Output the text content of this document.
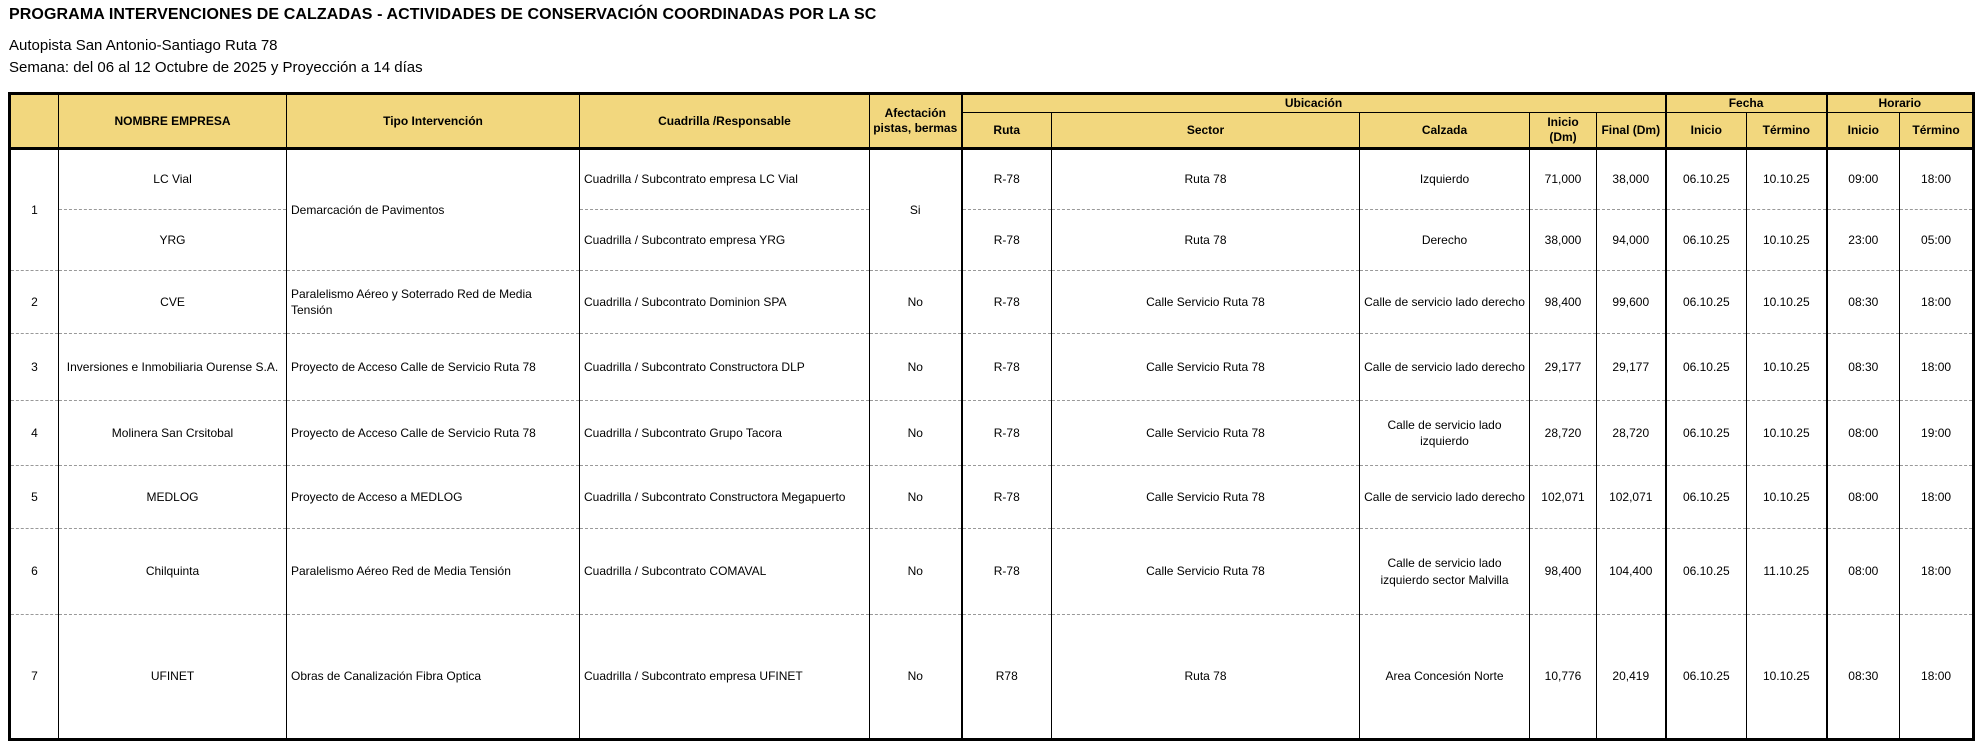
PROGRAMA INTERVENCIONES DE CALZADAS - ACTIVIDADES DE CONSERVACIÓN COORDINADAS POR LA SC
Autopista San Antonio-Santiago Ruta 78
Semana: del 06 al 12 Octubre de 2025 y Proyección a 14 días
	NOMBRE EMPRESA	Tipo Intervención	Cuadrilla /Responsable	Afectación pistas, bermas	Ubicación					Fecha		Horario	
					Ruta	Sector	Calzada	Inicio (Dm)	Final (Dm)	Inicio	Término	Inicio	Término
1	LC Vial	Demarcación de Pavimentos	Cuadrilla / Subcontrato empresa LC Vial	Si	R-78	Ruta 78	Izquierdo	71,000	38,000	06.10.25	10.10.25	09:00	18:00
	YRG		Cuadrilla / Subcontrato empresa YRG		R-78	Ruta 78	Derecho	38,000	94,000	06.10.25	10.10.25	23:00	05:00
2	CVE	Paralelismo Aéreo y Soterrado Red de Media Tensión	Cuadrilla / Subcontrato Dominion SPA	No	R-78	Calle Servicio Ruta 78	Calle de servicio lado derecho	98,400	99,600	06.10.25	10.10.25	08:30	18:00
3	Inversiones e Inmobiliaria Ourense S.A.	Proyecto de Acceso Calle de Servicio Ruta 78	Cuadrilla / Subcontrato Constructora DLP	No	R-78	Calle Servicio Ruta 78	Calle de servicio lado derecho	29,177	29,177	06.10.25	10.10.25	08:30	18:00
4	Molinera San Crsitobal	Proyecto de Acceso Calle de Servicio Ruta 78	Cuadrilla / Subcontrato Grupo Tacora	No	R-78	Calle Servicio Ruta 78	Calle de servicio lado izquierdo	28,720	28,720	06.10.25	10.10.25	08:00	19:00
5	MEDLOG	Proyecto de Acceso a MEDLOG	Cuadrilla / Subcontrato Constructora Megapuerto	No	R-78	Calle Servicio Ruta 78	Calle de servicio lado derecho	102,071	102,071	06.10.25	10.10.25	08:00	18:00
6	Chilquinta	Paralelismo Aéreo Red de Media Tensión	Cuadrilla / Subcontrato COMAVAL	No	R-78	Calle Servicio Ruta 78	Calle de servicio lado izquierdo sector Malvilla	98,400	104,400	06.10.25	11.10.25	08:00	18:00
7	UFINET	Obras de Canalización Fibra Optica	Cuadrilla / Subcontrato empresa UFINET	No	R78	Ruta 78	Area Concesión Norte	10,776	20,419	06.10.25	10.10.25	08:30	18:00
